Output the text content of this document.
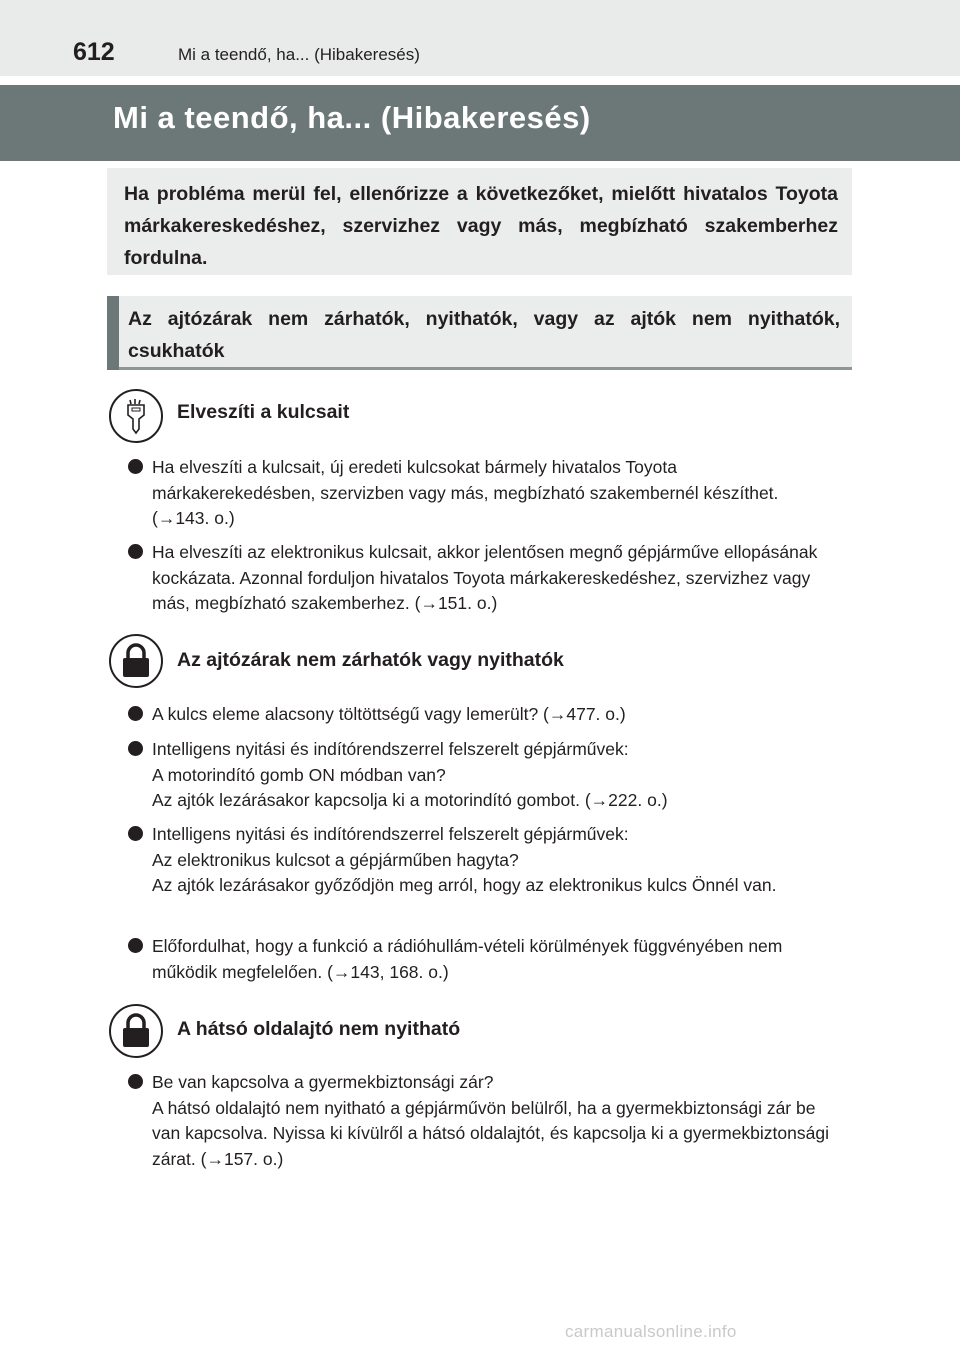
612	Mi a teendő, ha... (Hibakeresés)
Mi a teendő, ha... (Hibakeresés)
Ha probléma merül fel, ellenőrizze a következőket, mielőtt hivatalos Toyota márkakereskedéshez, szervizhez vagy más, megbízható szakemberhez fordulna.
Az ajtózárak nem zárhatók, nyithatók, vagy az ajtók nem nyithatók, csukhatók
Elveszíti a kulcsait
Ha elveszíti a kulcsait, új eredeti kulcsokat bármely hivatalos Toyota márkakerekedésben, szervizben vagy más, megbízható szakembernél készíthet. (→143. o.)
Ha elveszíti az elektronikus kulcsait, akkor jelentősen megnő gépjárműve ellopásának kockázata. Azonnal forduljon hivatalos Toyota márkakereskedéshez, szervizhez vagy más, megbízható szakemberhez. (→151. o.)
Az ajtózárak nem zárhatók vagy nyithatók
A kulcs eleme alacsony töltöttségű vagy lemerült? (→477. o.)
Intelligens nyitási és indítórendszerrel felszerelt gépjárművek:
A motorindító gomb ON módban van?
Az ajtók lezárásakor kapcsolja ki a motorindító gombot. (→222. o.)
Intelligens nyitási és indítórendszerrel felszerelt gépjárművek:
Az elektronikus kulcsot a gépjárműben hagyta?
Az ajtók lezárásakor győződjön meg arról, hogy az elektronikus kulcs Önnél van.
Előfordulhat, hogy a funkció a rádióhullám-vételi körülmények függvényében nem működik megfelelően. (→143, 168. o.)
A hátsó oldalajtó nem nyitható
Be van kapcsolva a gyermekbiztonsági zár?
A hátsó oldalajtó nem nyitható a gépjárművön belülről, ha a gyermekbiztonsági zár be van kapcsolva. Nyissa ki kívülről a hátsó oldalajtót, és kapcsolja ki a gyermekbiztonsági zárat. (→157. o.)
carmanualsonline.info
